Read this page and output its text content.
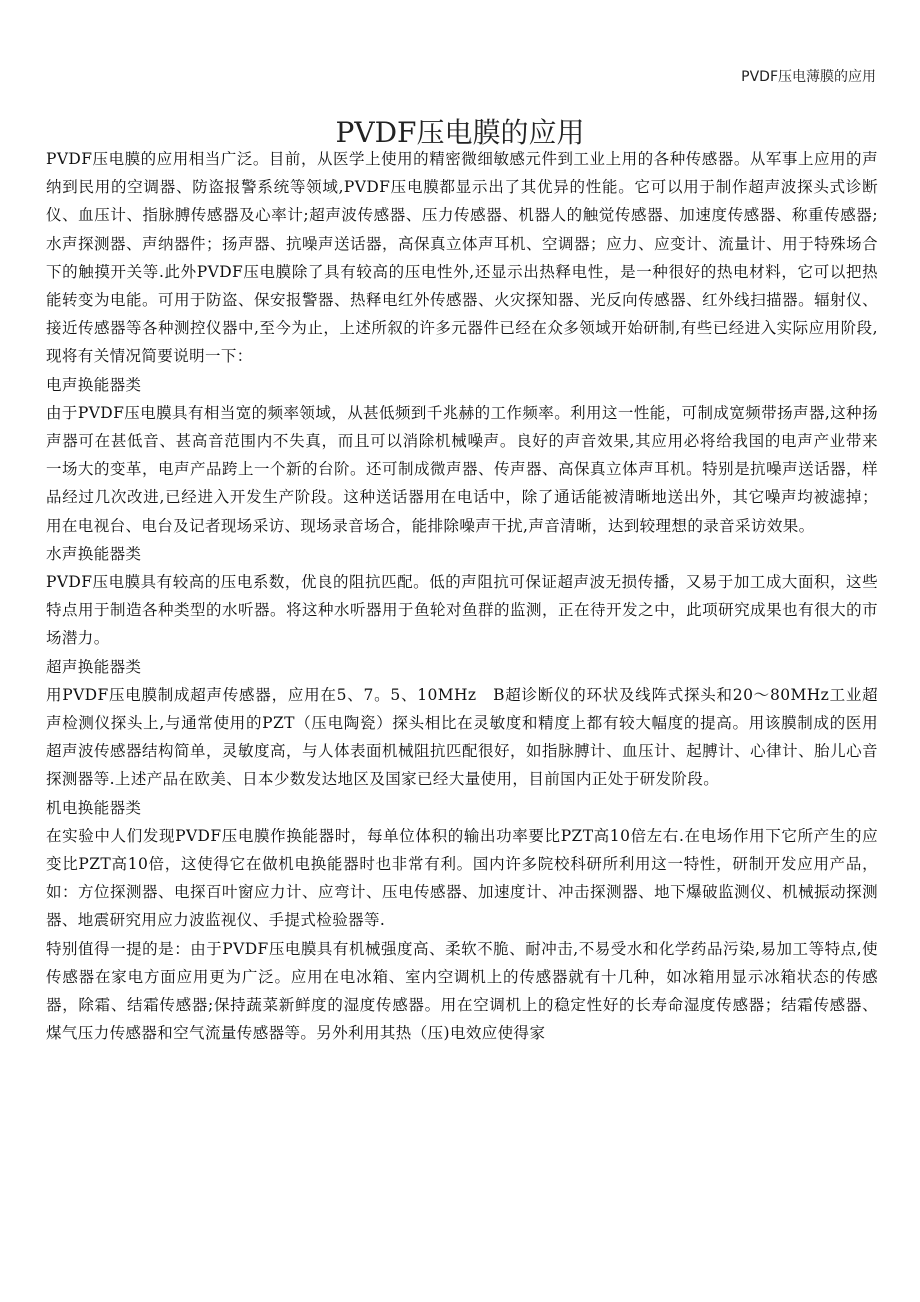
PVDF压电薄膜的应用
PVDF压电膜的应用

PVDF压电膜的应用相当广泛。目前，从医学上使用的精密微细敏感元件到工业上用的各种传感器。从军事上应用的声纳到民用的空调器、防盗报警系统等领域,PVDF压电膜都显示出了其优异的性能。它可以用于制作超声波探头式诊断仪、血压计、指脉膊传感器及心率计;超声波传感器、压力传感器、机器人的触觉传感器、加速度传感器、称重传感器;水声探测器、声纳器件；扬声器、抗噪声送话器，高保真立体声耳机、空调器；应力、应变计、流量计、用于特殊场合下的触摸开关等.此外PVDF压电膜除了具有较高的压电性外,还显示出热释电性，是一种很好的热电材料，它可以把热能转变为电能。可用于防盗、保安报警器、热释电红外传感器、火灾探知器、光反向传感器、红外线扫描器。辐射仪、接近传感器等各种测控仪器中,至今为止，上述所叙的许多元器件已经在众多领域开始研制,有些已经进入实际应用阶段,现将有关情况简要说明一下：

电声换能器类

由于PVDF压电膜具有相当宽的频率领域，从甚低频到千兆赫的工作频率。利用这一性能，可制成宽频带扬声器,这种扬声器可在甚低音、甚高音范围内不失真，而且可以消除机械噪声。良好的声音效果,其应用必将给我国的电声产业带来一场大的变革，电声产品跨上一个新的台阶。还可制成微声器、传声器、高保真立体声耳机。特别是抗噪声送话器，样品经过几次改进,已经进入开发生产阶段。这种送话器用在电话中，除了通话能被清晰地送出外，其它噪声均被滤掉；用在电视台、电台及记者现场采访、现场录音场合，能排除噪声干扰,声音清晰，达到较理想的录音采访效果。

水声换能器类

PVDF压电膜具有较高的压电系数，优良的阻抗匹配。低的声阻抗可保证超声波无损传播，又易于加工成大面积，这些特点用于制造各种类型的水听器。将这种水听器用于鱼轮对鱼群的监测，正在待开发之中，此项研究成果也有很大的市场潜力。

超声换能器类

用PVDF压电膜制成超声传感器，应用在5、7。5、10MHz　B超诊断仪的环状及线阵式探头和20～80MHz工业超声检测仪探头上,与通常使用的PZT（压电陶瓷）探头相比在灵敏度和精度上都有较大幅度的提高。用该膜制成的医用超声波传感器结构简单，灵敏度高，与人体表面机械阻抗匹配很好，如指脉膊计、血压计、起膊计、心律计、胎儿心音探测器等.上述产品在欧美、日本少数发达地区及国家已经大量使用，目前国内正处于研发阶段。

机电换能器类

在实验中人们发现PVDF压电膜作换能器时，每单位体积的输出功率要比PZT高10倍左右.在电场作用下它所产生的应变比PZT高10倍，这使得它在做机电换能器时也非常有利。国内许多院校科研所利用这一特性，研制开发应用产品，如：方位探测器、电探百叶窗应力计、应弯计、压电传感器、加速度计、冲击探测器、地下爆破监测仪、机械振动探测器、地震研究用应力波监视仪、手提式检验器等.

特别值得一提的是：由于PVDF压电膜具有机械强度高、柔软不脆、耐冲击,不易受水和化学药品污染,易加工等特点,使传感器在家电方面应用更为广泛。应用在电冰箱、室内空调机上的传感器就有十几种，如冰箱用显示冰箱状态的传感器，除霜、结霜传感器;保持蔬菜新鲜度的湿度传感器。用在空调机上的稳定性好的长寿命湿度传感器；结霜传感器、煤气压力传感器和空气流量传感器等。另外利用其热（压)电效应使得家
